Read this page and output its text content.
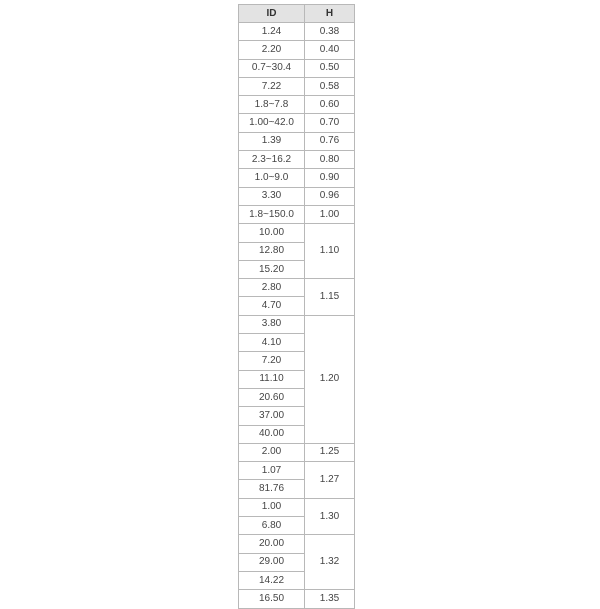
ID	H
1.24	0.38
2.20	0.40
0.7~30.4	0.50
7.22	0.58
1.8~7.8	0.60
1.00~42.0	0.70
1.39	0.76
2.3~16.2	0.80
1.0~9.0	0.90
3.30	0.96
1.8~150.0	1.00
10.00	1.10
12.80	
15.20	
2.80	1.15
4.70	
3.80	1.20
4.10	
7.20	
11.10	
20.60	
37.00	
40.00	
2.00	1.25
1.07	1.27
81.76	
1.00	1.30
6.80	
20.00	1.32
29.00	
14.22	
16.50	1.35
